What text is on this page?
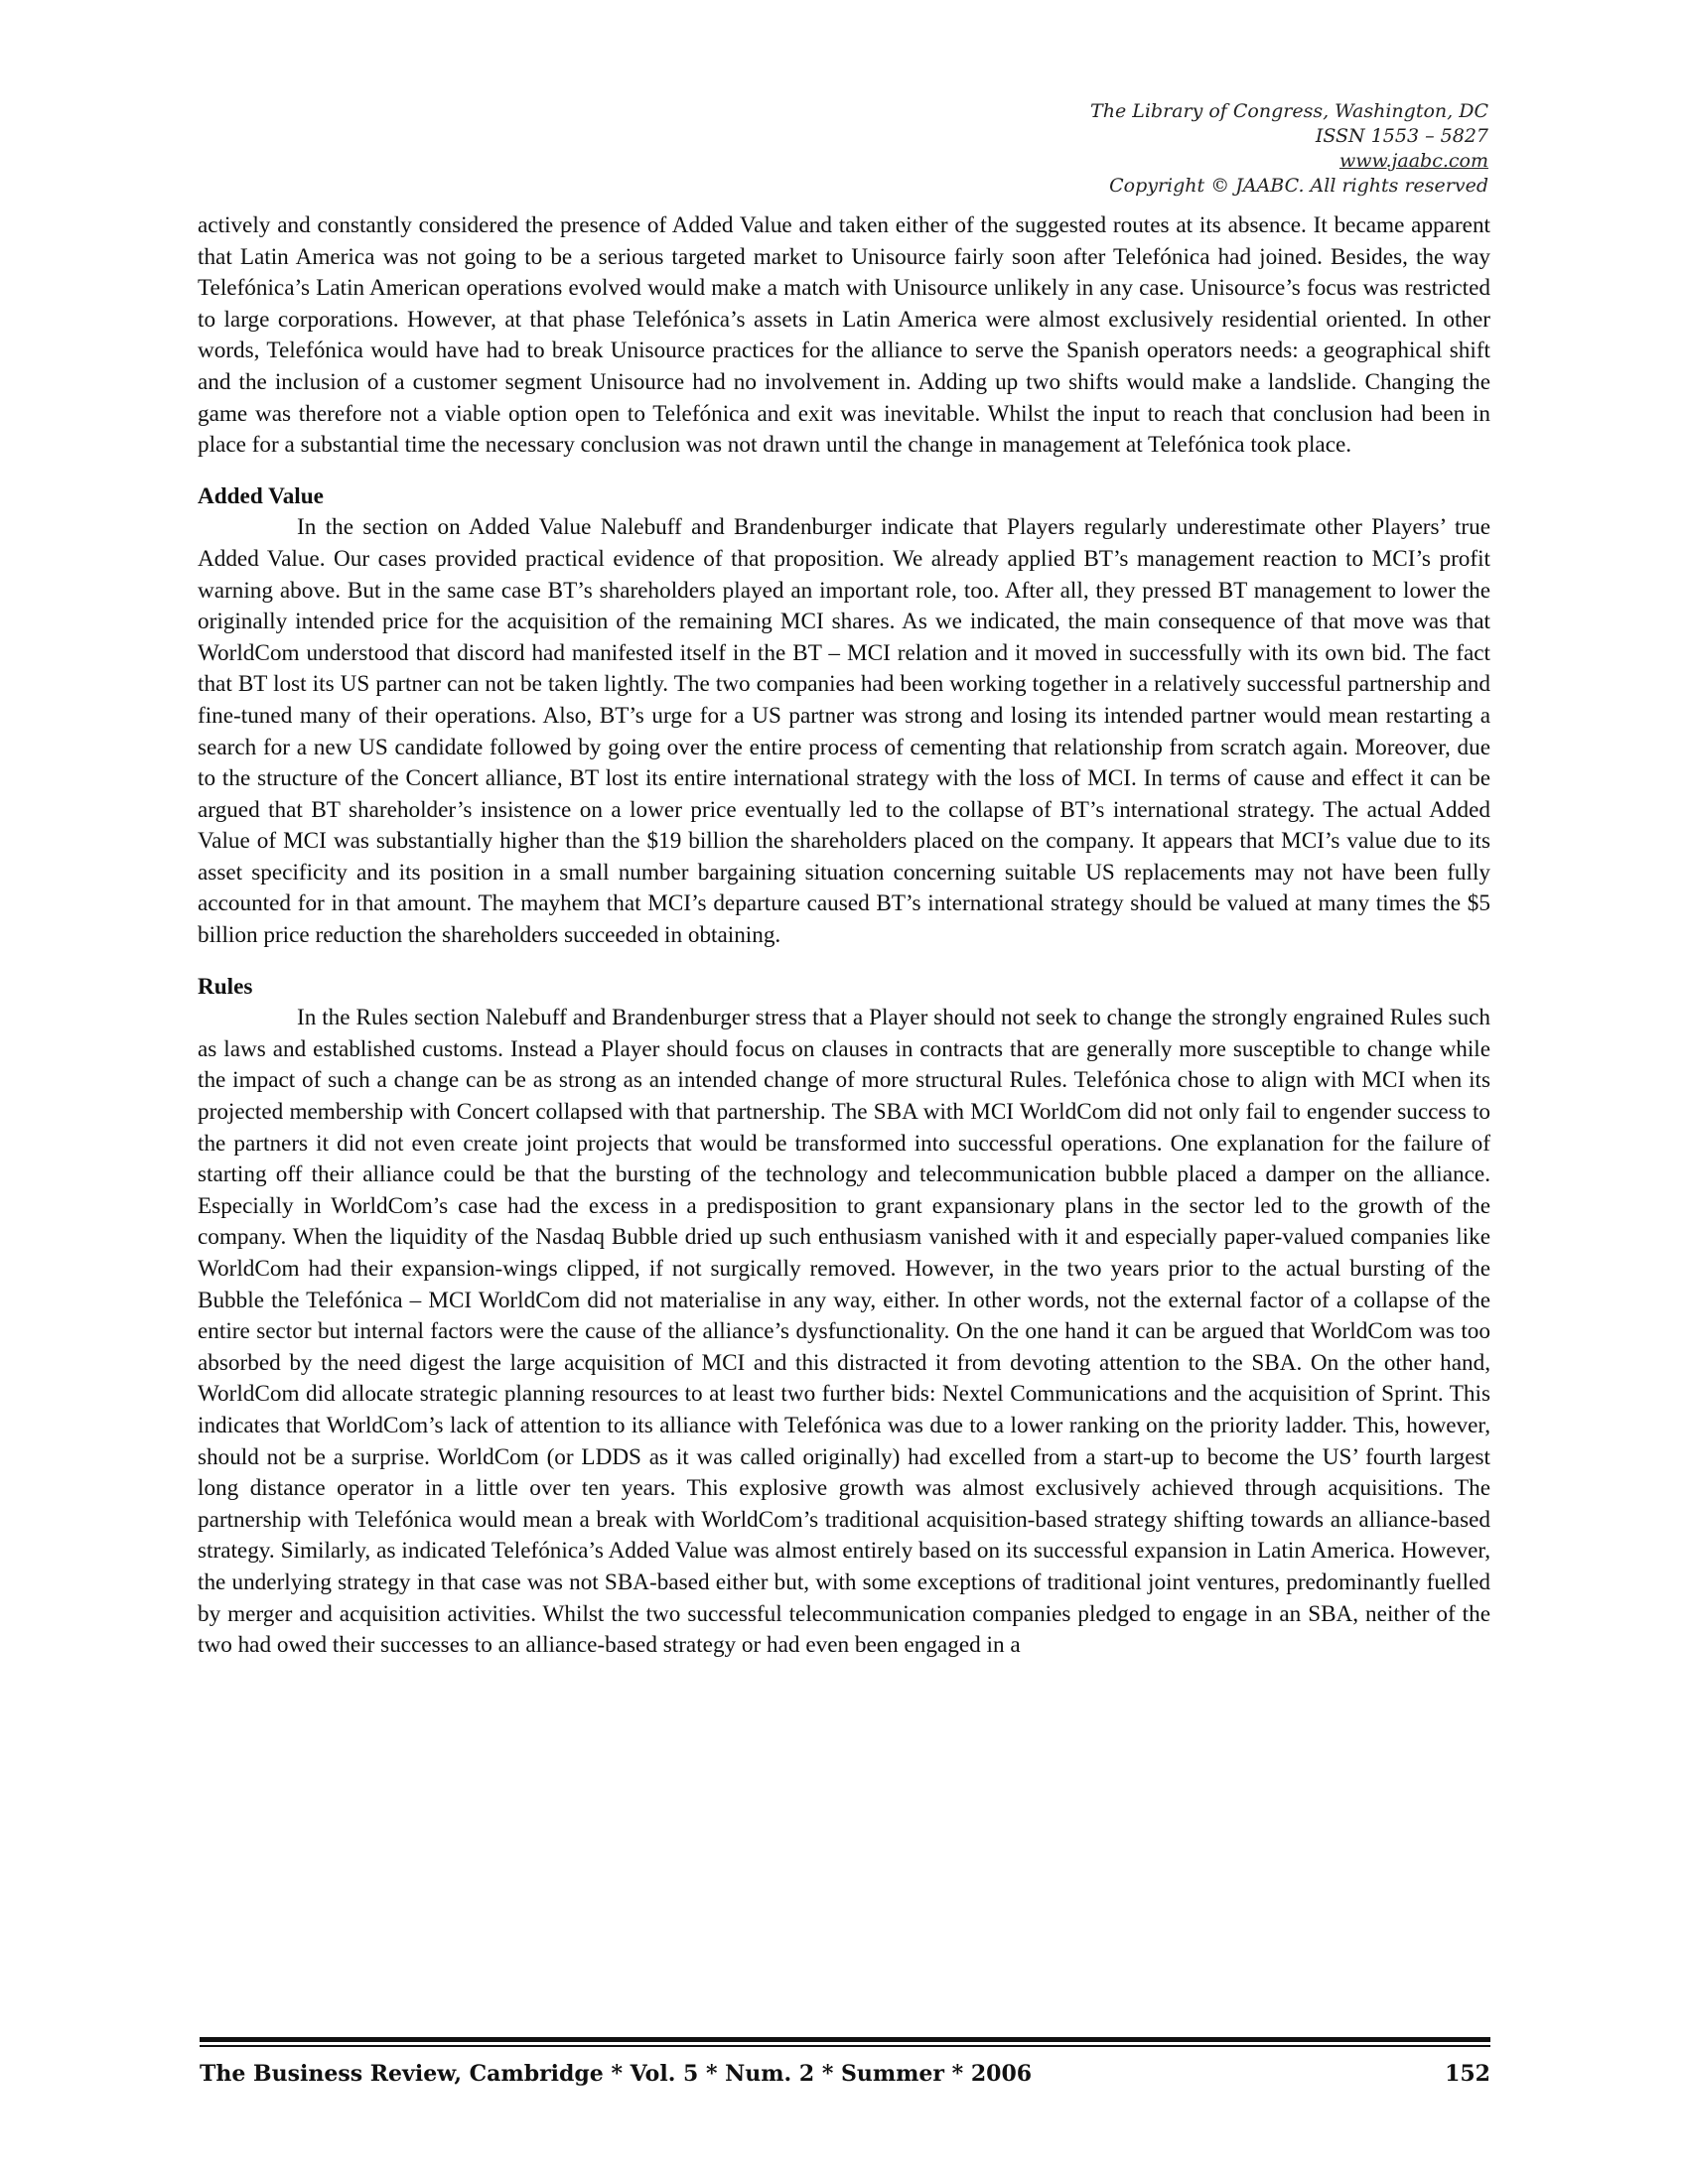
The Library of Congress, Washington, DC
ISSN 1553 – 5827
www.jaabc.com
Copyright © JAABC. All rights reserved

actively and constantly considered the presence of Added Value and taken either of the suggested routes at its absence. It became apparent that Latin America was not going to be a serious targeted market to Unisource fairly soon after Telefónica had joined. Besides, the way Telefónica’s Latin American operations evolved would make a match with Unisource unlikely in any case. Unisource’s focus was restricted to large corporations. However, at that phase Telefónica’s assets in Latin America were almost exclusively residential oriented. In other words, Telefónica would have had to break Unisource practices for the alliance to serve the Spanish operators needs: a geographical shift and the inclusion of a customer segment Unisource had no involvement in. Adding up two shifts would make a landslide. Changing the game was therefore not a viable option open to Telefónica and exit was inevitable. Whilst the input to reach that conclusion had been in place for a substantial time the necessary conclusion was not drawn until the change in management at Telefónica took place.

Added Value

In the section on Added Value Nalebuff and Brandenburger indicate that Players regularly underestimate other Players’ true Added Value. Our cases provided practical evidence of that proposition. We already applied BT’s management reaction to MCI’s profit warning above. But in the same case BT’s shareholders played an important role, too. After all, they pressed BT management to lower the originally intended price for the acquisition of the remaining MCI shares. As we indicated, the main consequence of that move was that WorldCom understood that discord had manifested itself in the BT – MCI relation and it moved in successfully with its own bid. The fact that BT lost its US partner can not be taken lightly. The two companies had been working together in a relatively successful partnership and fine-tuned many of their operations. Also, BT’s urge for a US partner was strong and losing its intended partner would mean restarting a search for a new US candidate followed by going over the entire process of cementing that relationship from scratch again. Moreover, due to the structure of the Concert alliance, BT lost its entire international strategy with the loss of MCI. In terms of cause and effect it can be argued that BT shareholder’s insistence on a lower price eventually led to the collapse of BT’s international strategy. The actual Added Value of MCI was substantially higher than the $19 billion the shareholders placed on the company. It appears that MCI’s value due to its asset specificity and its position in a small number bargaining situation concerning suitable US replacements may not have been fully accounted for in that amount. The mayhem that MCI’s departure caused BT’s international strategy should be valued at many times the $5 billion price reduction the shareholders succeeded in obtaining.

Rules

In the Rules section Nalebuff and Brandenburger stress that a Player should not seek to change the strongly engrained Rules such as laws and established customs. Instead a Player should focus on clauses in contracts that are generally more susceptible to change while the impact of such a change can be as strong as an intended change of more structural Rules. Telefónica chose to align with MCI when its projected membership with Concert collapsed with that partnership. The SBA with MCI WorldCom did not only fail to engender success to the partners it did not even create joint projects that would be transformed into successful operations. One explanation for the failure of starting off their alliance could be that the bursting of the technology and telecommunication bubble placed a damper on the alliance. Especially in WorldCom’s case had the excess in a predisposition to grant expansionary plans in the sector led to the growth of the company. When the liquidity of the Nasdaq Bubble dried up such enthusiasm vanished with it and especially paper-valued companies like WorldCom had their expansion-wings clipped, if not surgically removed. However, in the two years prior to the actual bursting of the Bubble the Telefónica – MCI WorldCom did not materialise in any way, either. In other words, not the external factor of a collapse of the entire sector but internal factors were the cause of the alliance’s dysfunctionality. On the one hand it can be argued that WorldCom was too absorbed by the need digest the large acquisition of MCI and this distracted it from devoting attention to the SBA. On the other hand, WorldCom did allocate strategic planning resources to at least two further bids: Nextel Communications and the acquisition of Sprint. This indicates that WorldCom’s lack of attention to its alliance with Telefónica was due to a lower ranking on the priority ladder. This, however, should not be a surprise. WorldCom (or LDDS as it was called originally) had excelled from a start-up to become the US’ fourth largest long distance operator in a little over ten years. This explosive growth was almost exclusively achieved through acquisitions. The partnership with Telefónica would mean a break with WorldCom’s traditional acquisition-based strategy shifting towards an alliance-based strategy. Similarly, as indicated Telefónica’s Added Value was almost entirely based on its successful expansion in Latin America. However, the underlying strategy in that case was not SBA-based either but, with some exceptions of traditional joint ventures, predominantly fuelled by merger and acquisition activities. Whilst the two successful telecommunication companies pledged to engage in an SBA, neither of the two had owed their successes to an alliance-based strategy or had even been engaged in a

The Business Review, Cambridge * Vol. 5 * Num. 2 * Summer * 2006	152
